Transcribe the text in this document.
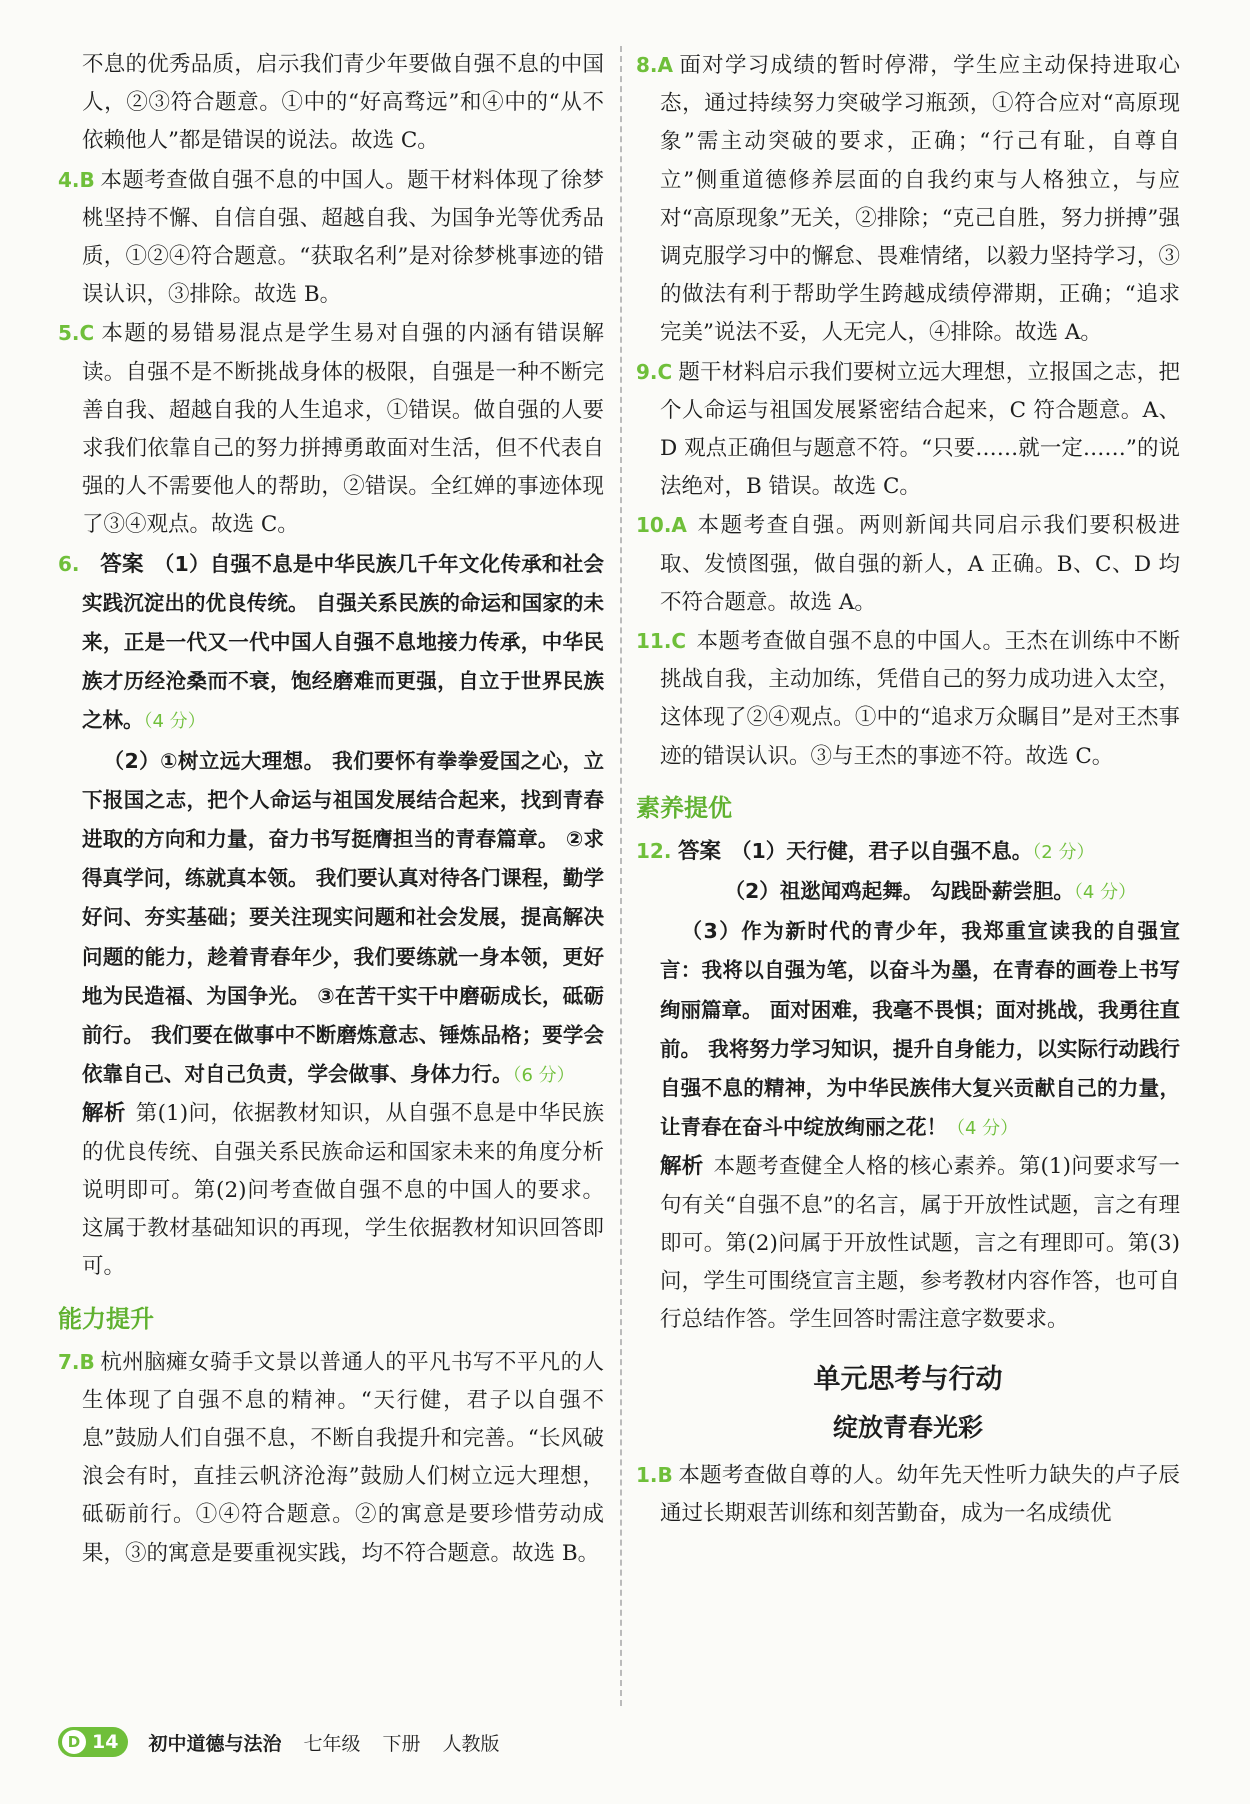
不息的优秀品质，启示我们青少年要做自强不息的中国人，②③符合题意。①中的“好高骛远”和④中的“从不依赖他人”都是错误的说法。故选 C。

4.B 本题考查做自强不息的中国人。题干材料体现了徐梦桃坚持不懈、自信自强、超越自我、为国争光等优秀品质，①②④符合题意。“获取名利”是对徐梦桃事迹的错误认识，③排除。故选 B。

5.C 本题的易错易混点是学生易对自强的内涵有错误解读。自强不是不断挑战身体的极限，自强是一种不断完善自我、超越自我的人生追求，①错误。做自强的人要求我们依靠自己的努力拼搏勇敢面对生活，但不代表自强的人不需要他人的帮助，②错误。全红婵的事迹体现了③④观点。故选 C。

6. 答案 （1）自强不息是中华民族几千年文化传承和社会实践沉淀出的优良传统。 自强关系民族的命运和国家的未来，正是一代又一代中国人自强不息地接力传承，中华民族才历经沧桑而不衰，饱经磨难而更强，自立于世界民族之林。（4 分）

（2）①树立远大理想。 我们要怀有拳拳爱国之心，立下报国之志，把个人命运与祖国发展结合起来，找到青春进取的方向和力量，奋力书写挺膺担当的青春篇章。 ②求得真学问，练就真本领。 我们要认真对待各门课程，勤学好问、夯实基础；要关注现实问题和社会发展，提高解决问题的能力，趁着青春年少，我们要练就一身本领，更好地为民造福、为国争光。 ③在苦干实干中磨砺成长，砥砺前行。 我们要在做事中不断磨炼意志、锤炼品格；要学会依靠自己、对自己负责，学会做事、身体力行。（6 分）

解析 第(1)问，依据教材知识，从自强不息是中华民族的优良传统、自强关系民族命运和国家未来的角度分析说明即可。第(2)问考查做自强不息的中国人的要求。这属于教材基础知识的再现，学生依据教材知识回答即可。

能力提升

7.B 杭州脑瘫女骑手文景以普通人的平凡书写不平凡的人生体现了自强不息的精神。“天行健，君子以自强不息”鼓励人们自强不息，不断自我提升和完善。“长风破浪会有时，直挂云帆济沧海”鼓励人们树立远大理想，砥砺前行。①④符合题意。②的寓意是要珍惜劳动成果，③的寓意是要重视实践，均不符合题意。故选 B。

8.A 面对学习成绩的暂时停滞，学生应主动保持进取心态，通过持续努力突破学习瓶颈，①符合应对“高原现象”需主动突破的要求，正确；“行己有耻，自尊自立”侧重道德修养层面的自我约束与人格独立，与应对“高原现象”无关，②排除；“克己自胜，努力拼搏”强调克服学习中的懈怠、畏难情绪，以毅力坚持学习，③的做法有利于帮助学生跨越成绩停滞期，正确；“追求完美”说法不妥，人无完人，④排除。故选 A。

9.C 题干材料启示我们要树立远大理想，立报国之志，把个人命运与祖国发展紧密结合起来，C 符合题意。A、D 观点正确但与题意不符。“只要……就一定……”的说法绝对，B 错误。故选 C。

10.A 本题考查自强。两则新闻共同启示我们要积极进取、发愤图强，做自强的新人，A 正确。B、C、D 均不符合题意。故选 A。

11.C 本题考查做自强不息的中国人。王杰在训练中不断挑战自我，主动加练，凭借自己的努力成功进入太空，这体现了②④观点。①中的“追求万众瞩目”是对王杰事迹的错误认识。③与王杰的事迹不符。故选 C。

素养提优

12. 答案 （1）天行健，君子以自强不息。（2 分）

（2）祖逖闻鸡起舞。 勾践卧薪尝胆。（4 分）

（3）作为新时代的青少年，我郑重宣读我的自强宣言：我将以自强为笔，以奋斗为墨，在青春的画卷上书写绚丽篇章。 面对困难，我毫不畏惧；面对挑战，我勇往直前。 我将努力学习知识，提升自身能力，以实际行动践行自强不息的精神，为中华民族伟大复兴贡献自己的力量，让青春在奋斗中绽放绚丽之花！（4 分）

解析 本题考查健全人格的核心素养。第(1)问要求写一句有关“自强不息”的名言，属于开放性试题，言之有理即可。第(2)问属于开放性试题，言之有理即可。第(3)问，学生可围绕宣言主题，参考教材内容作答，也可自行总结作答。学生回答时需注意字数要求。

单元思考与行动
绽放青春光彩

1.B 本题考查做自尊的人。幼年先天性听力缺失的卢子辰通过长期艰苦训练和刻苦勤奋，成为一名成绩优

D 14 初中道德与法治 七年级 下册 人教版
